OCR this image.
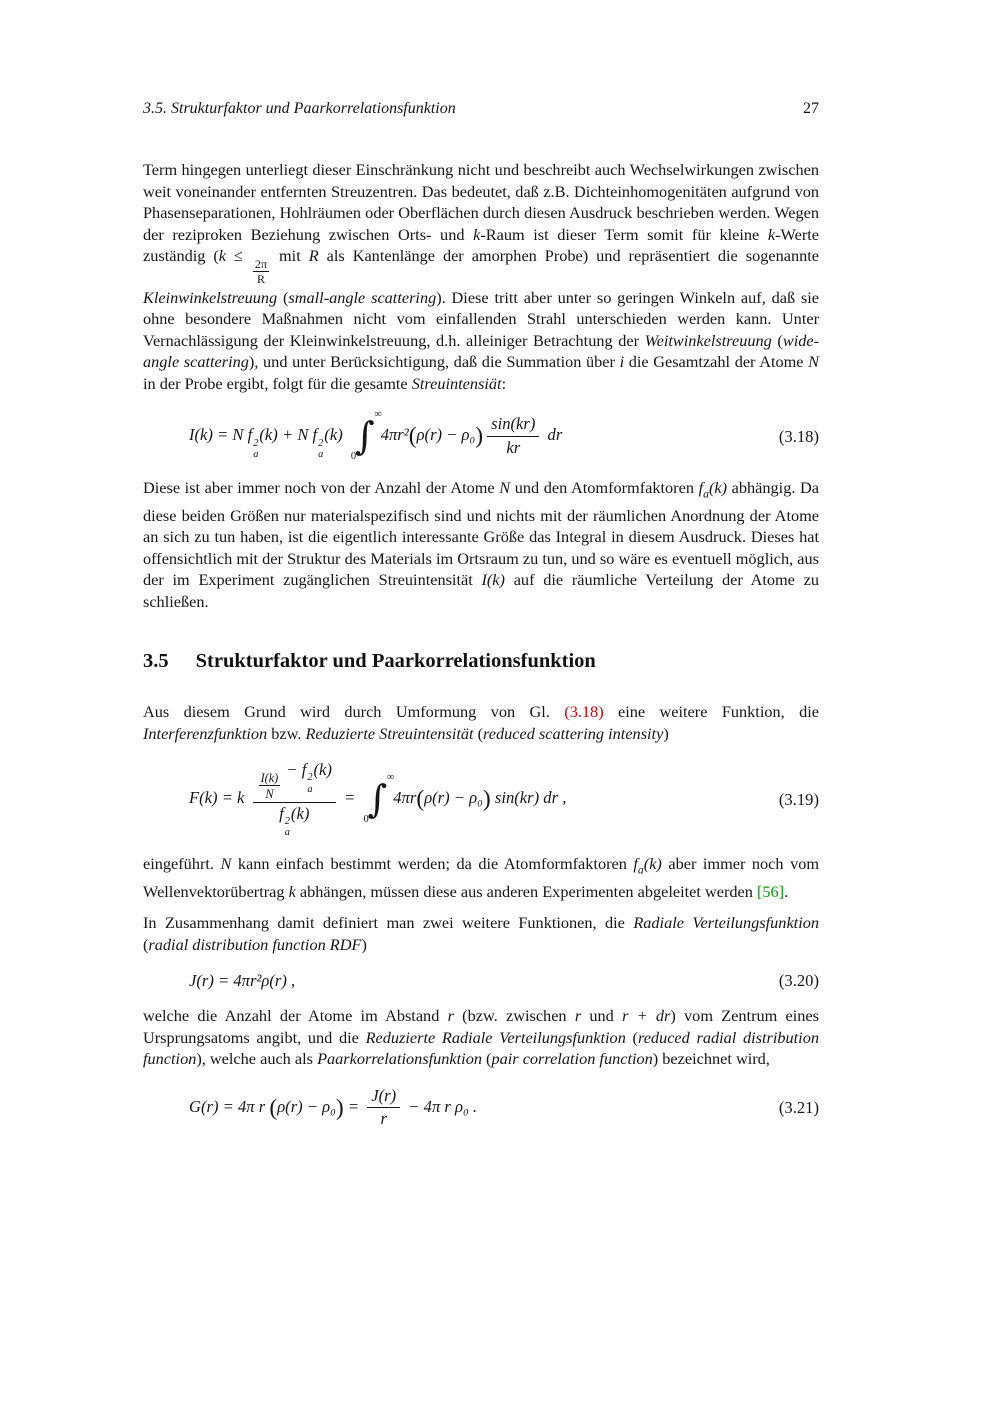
3.5. Strukturfaktor und Paarkorrelationsfunktion	27

Term hingegen unterliegt dieser Einschränkung nicht und beschreibt auch Wechselwirkungen zwischen weit voneinander entfernten Streuzentren. Das bedeutet, daß z.B. Dichteinhomogenitäten aufgrund von Phasenseparationen, Hohlräumen oder Oberflächen durch diesen Ausdruck beschrieben werden. Wegen der reziproken Beziehung zwischen Orts- und k-Raum ist dieser Term somit für kleine k-Werte zuständig (k ≤
$\frac{2\pi}{R}$
mit R als Kantenlänge der amorphen Probe) und repräsentiert die sogenannte Kleinwinkelstreuung (small-angle scattering). Diese tritt aber unter so geringen Winkeln auf, daß sie ohne besondere Maßnahmen nicht vom einfallenden Strahl unterschieden werden kann. Unter Vernachlässigung der Kleinwinkelstreuung, d.h. alleiniger Betrachtung der Weitwinkelstreuung (wide-angle scattering), und unter Berücksichtigung, daß die Summation über i die Gesamtzahl der Atome N in der Probe ergibt, folgt für die gesamte Streuintensiät:

I(k) = N f 2
a
(k) + N f 2
a
(k)
∞
∫
0
$4\pi r^2(\rho(r) - \rho_0) \frac{\sin(kr)}{kr}$ dr	(3.18)

Diese ist aber immer noch von der Anzahl der Atome N und den Atomformfaktoren $f_a(k)$ abhängig. Da diese beiden Größen nur materialspezifisch sind und nichts mit der räumlichen Anordnung der Atome an sich zu tun haben, ist die eigentlich interessante Größe das Integral in diesem Ausdruck. Dieses hat offensichtlich mit der Struktur des Materials im Ortsraum zu tun, und so wäre es eventuell möglich, aus der im Experiment zugänglichen Streuintensität I(k) auf die räumliche Verteilung der Atome zu schließen.

3.5 Strukturfaktor und Paarkorrelationsfunktion

Aus diesem Grund wird durch Umformung von Gl. (3.18) eine weitere Funktion, die Interferenzfunktion bzw. Reduzierte Streuintensität (reduced scattering intensity)

F(k) = k $\frac{I(k)}{N}$
− f 2
a
(k)
f 2
a
(k) =
∞
∫
0
4πr(ρ(r) − ρ₀) sin(kr) dr ,	(3.19)

eingeführt. N kann einfach bestimmt werden; da die Atomformfaktoren $f_a(k)$ aber immer noch vom Wellenvektorübertrag k abhängen, müssen diese aus anderen Experimenten abgeleitet werden [56].

In Zusammenhang damit definiert man zwei weitere Funktionen, die Radiale Verteilungsfunktion (radial distribution function RDF)

J(r) = 4πr²ρ(r) ,	(3.20)

welche die Anzahl der Atome im Abstand r (bzw. zwischen r und r + dr) vom Zentrum eines Ursprungsatoms angibt, und die Reduzierte Radiale Verteilungsfunktion (reduced radial distribution function), welche auch als Paarkorrelationsfunktion (pair correlation function) bezeichnet wird,

G(r) = 4π r $(\rho(r) - \rho_0) = \frac{J(r)}{r} - 4\pi$ r ρ₀ .	(3.21)
